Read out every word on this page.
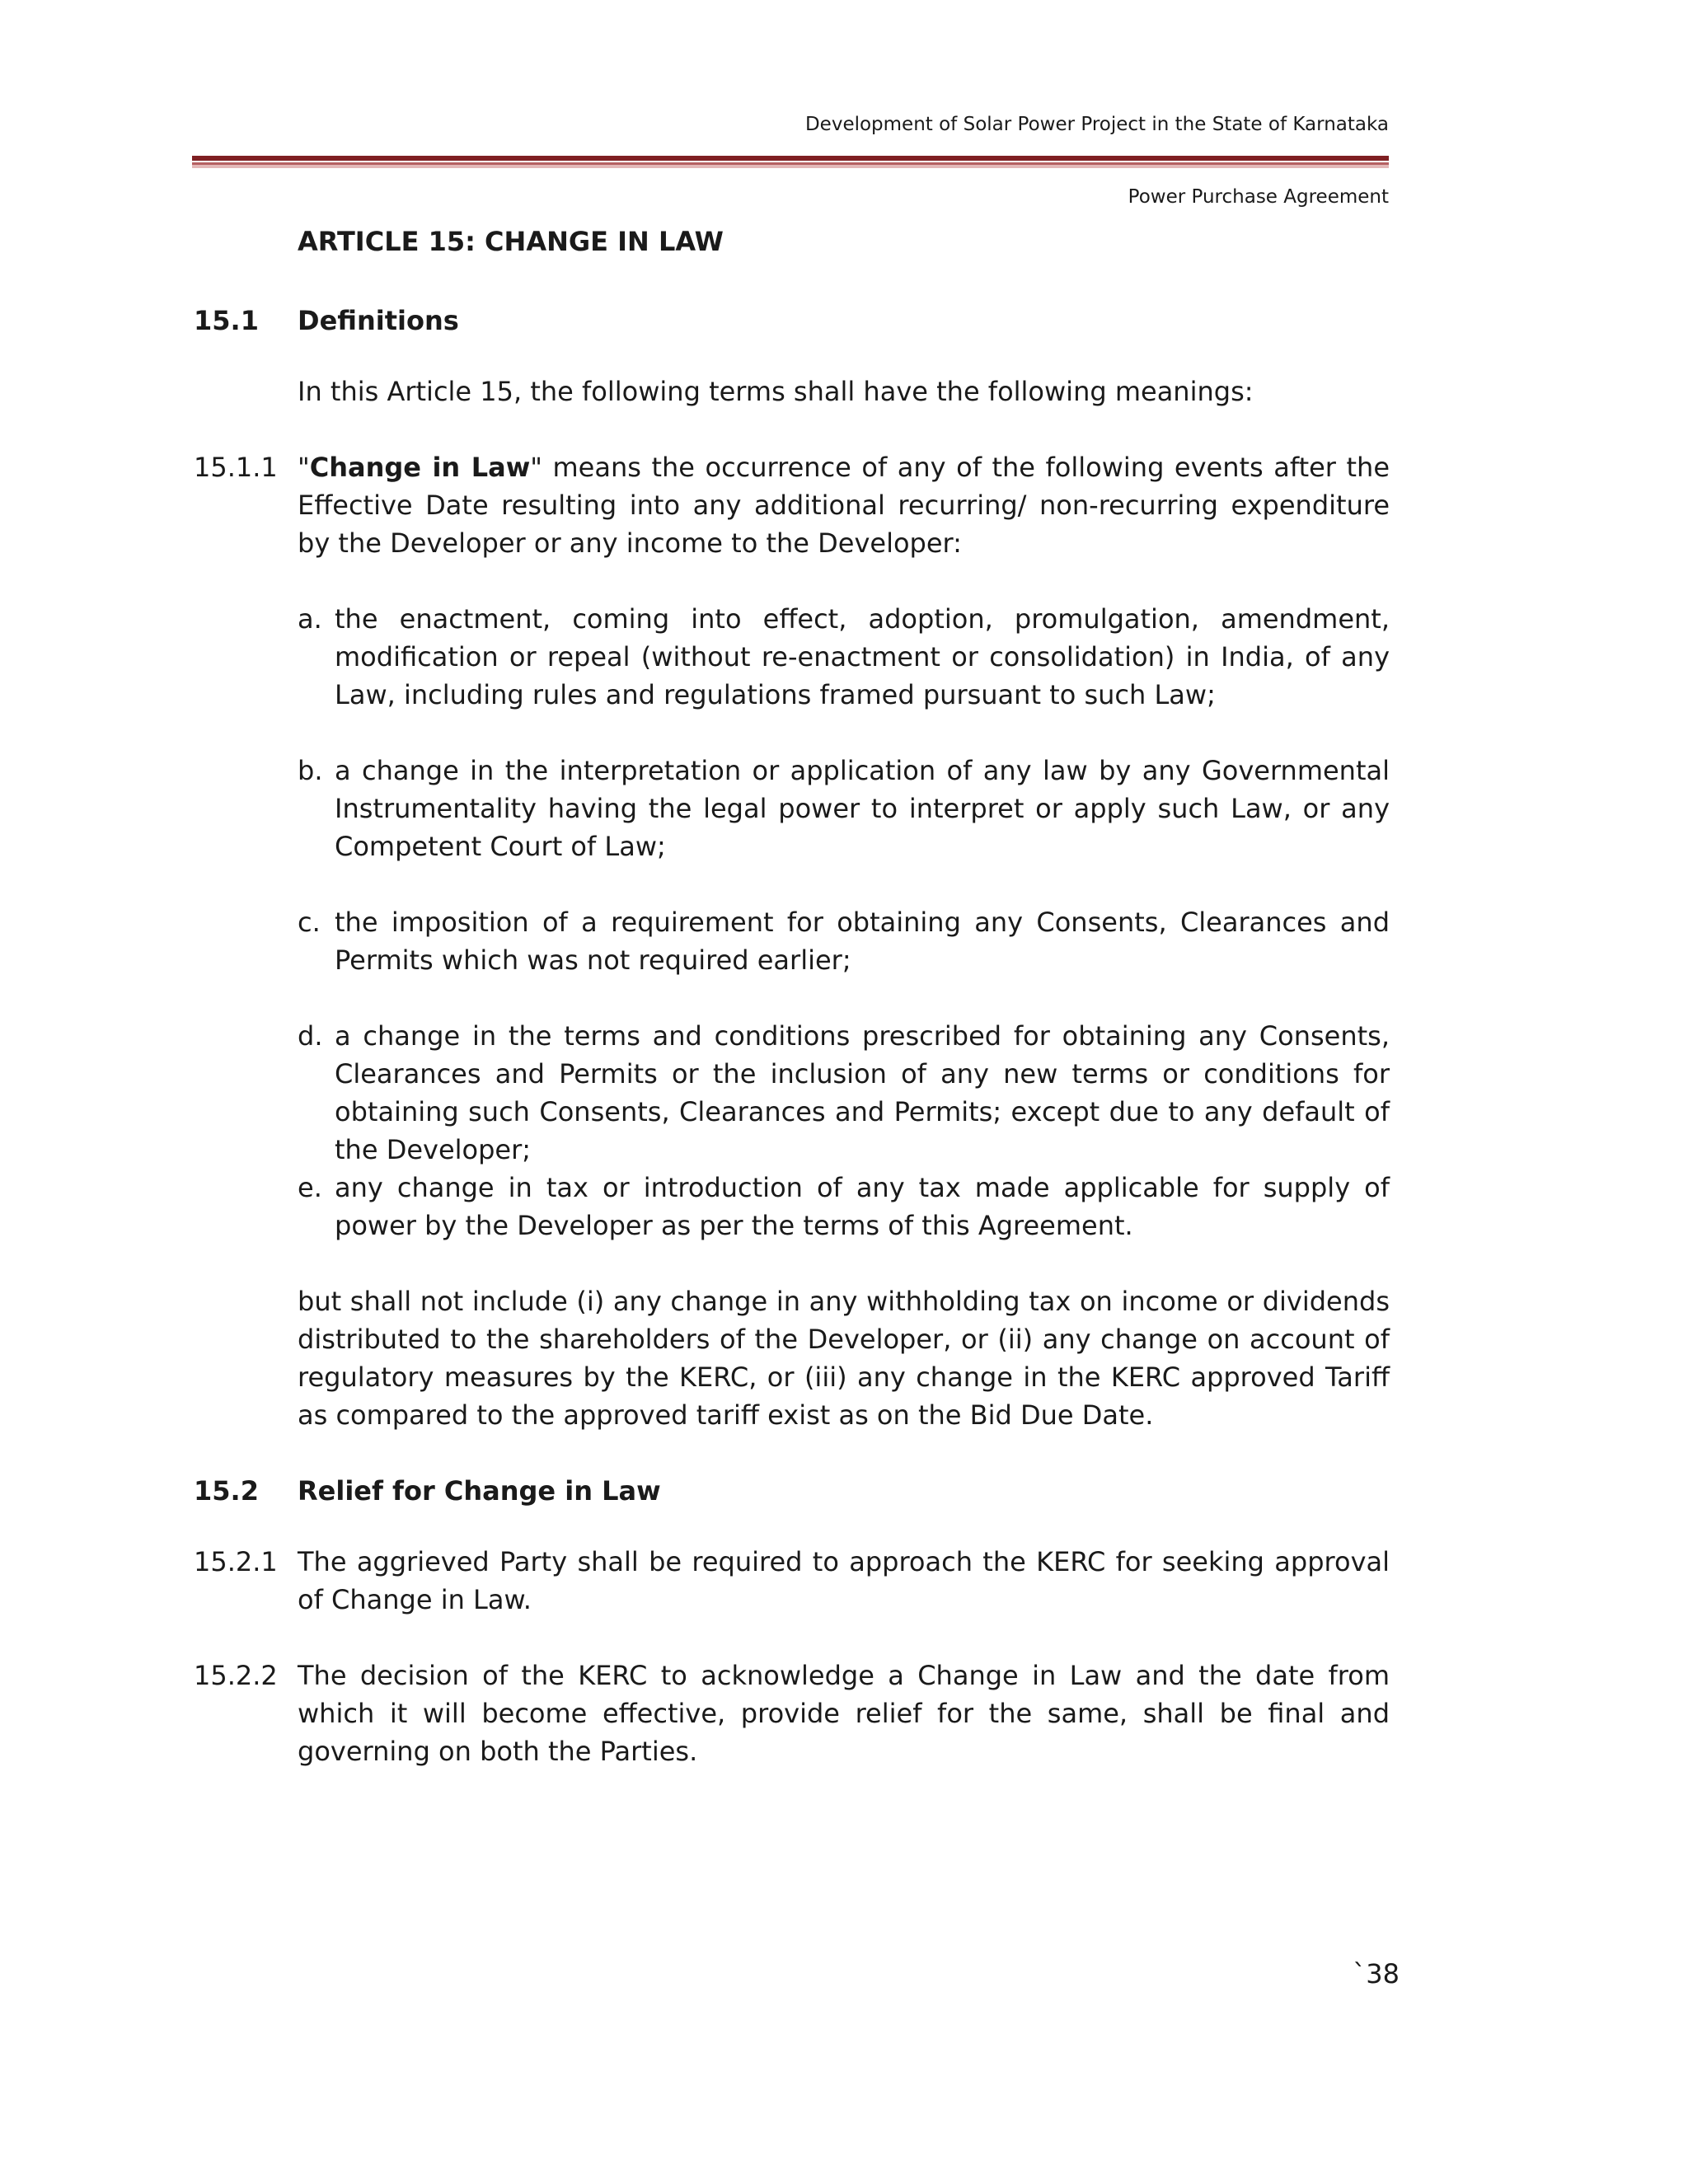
Development of Solar Power Project in the State of Karnataka
Power Purchase Agreement
ARTICLE 15: CHANGE IN LAW
15.1 Definitions
In this Article 15, the following terms shall have the following meanings:
15.1.1 "Change in Law" means the occurrence of any of the following events after the Effective Date resulting into any additional recurring/ non-recurring expenditure by the Developer or any income to the Developer:
a. the enactment, coming into effect, adoption, promulgation, amendment, modification or repeal (without re-enactment or consolidation) in India, of any Law, including rules and regulations framed pursuant to such Law;
b. a change in the interpretation or application of any law by any Governmental Instrumentality having the legal power to interpret or apply such Law, or any Competent Court of Law;
c. the imposition of a requirement for obtaining any Consents, Clearances and Permits which was not required earlier;
d. a change in the terms and conditions prescribed for obtaining any Consents, Clearances and Permits or the inclusion of any new terms or conditions for obtaining such Consents, Clearances and Permits; except due to any default of the Developer;
e. any change in tax or introduction of any tax made applicable for supply of power by the Developer as per the terms of this Agreement.
but shall not include (i) any change in any withholding tax on income or dividends distributed to the shareholders of the Developer, or (ii) any change on account of regulatory measures by the KERC, or (iii) any change in the KERC approved Tariff as compared to the approved tariff exist as on the Bid Due Date.
15.2 Relief for Change in Law
15.2.1 The aggrieved Party shall be required to approach the KERC for seeking approval of Change in Law.
15.2.2 The decision of the KERC to acknowledge a Change in Law and the date from which it will become effective, provide relief for the same, shall be final and governing on both the Parties.
`38
